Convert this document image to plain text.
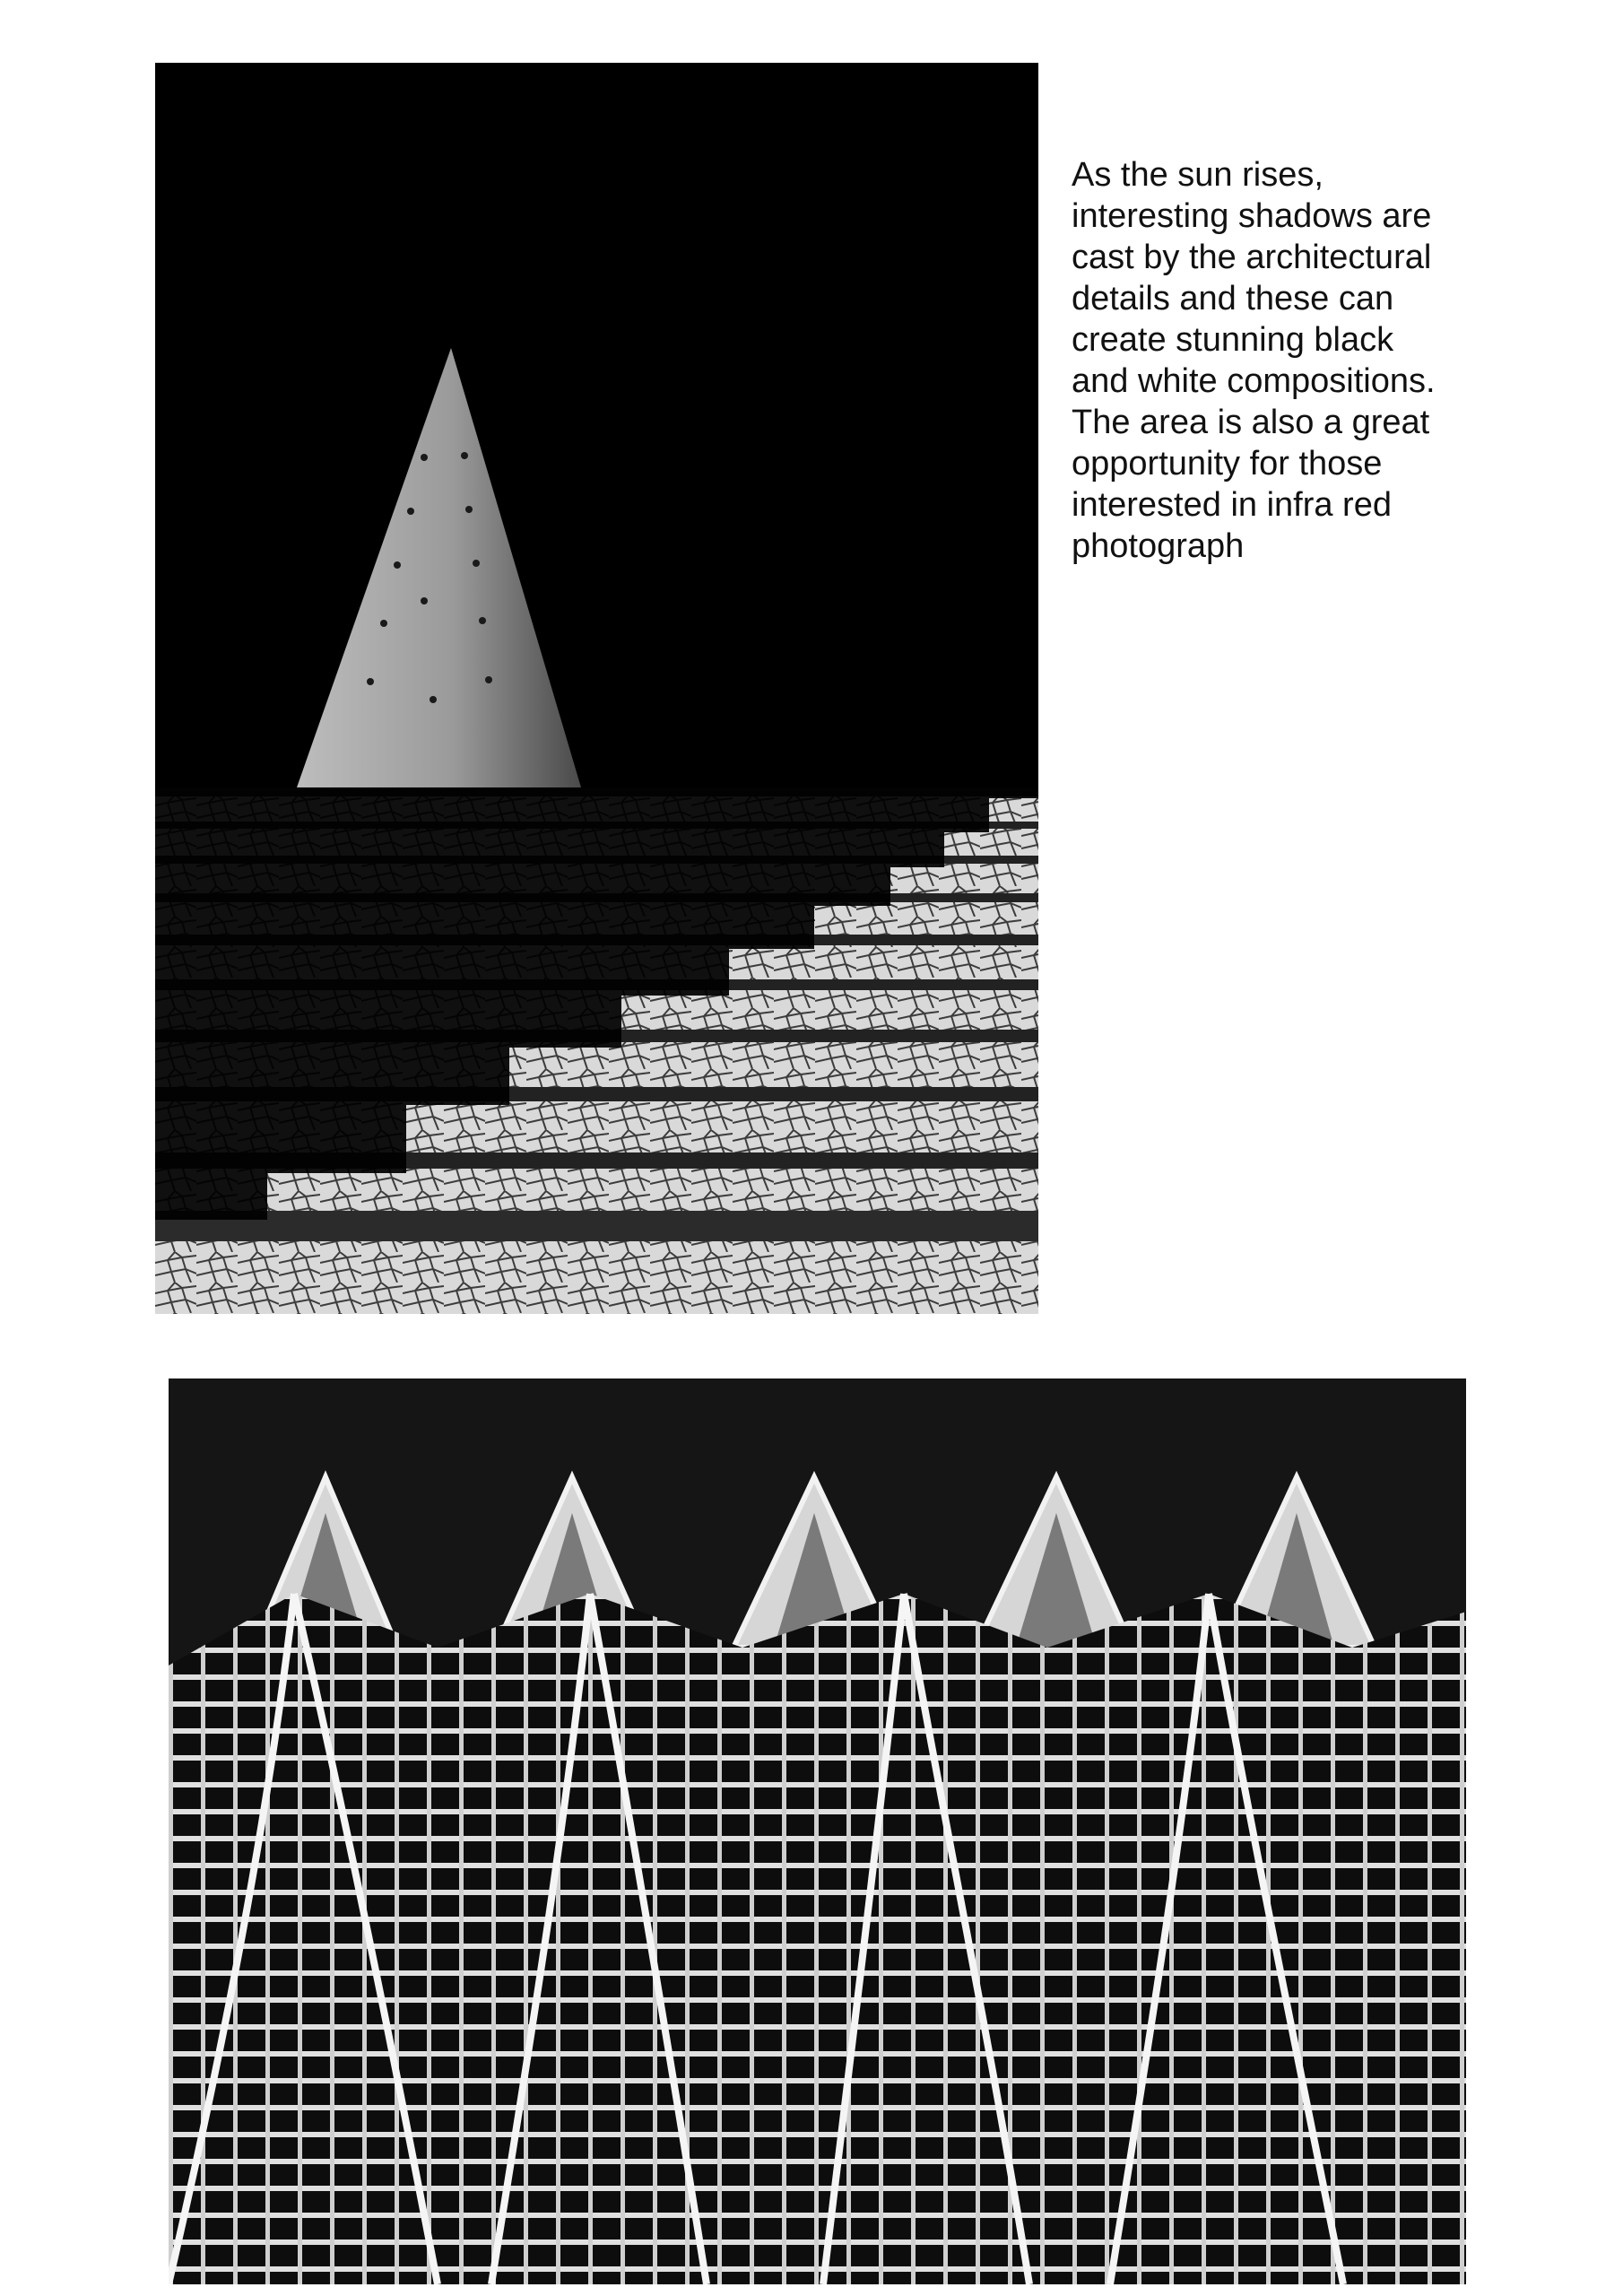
As the sun rises,
interesting shadows are
cast by the architectural
details and these can
create stunning black
and white compositions.
The area is also a great
opportunity for those
interested in infra red
photograph
